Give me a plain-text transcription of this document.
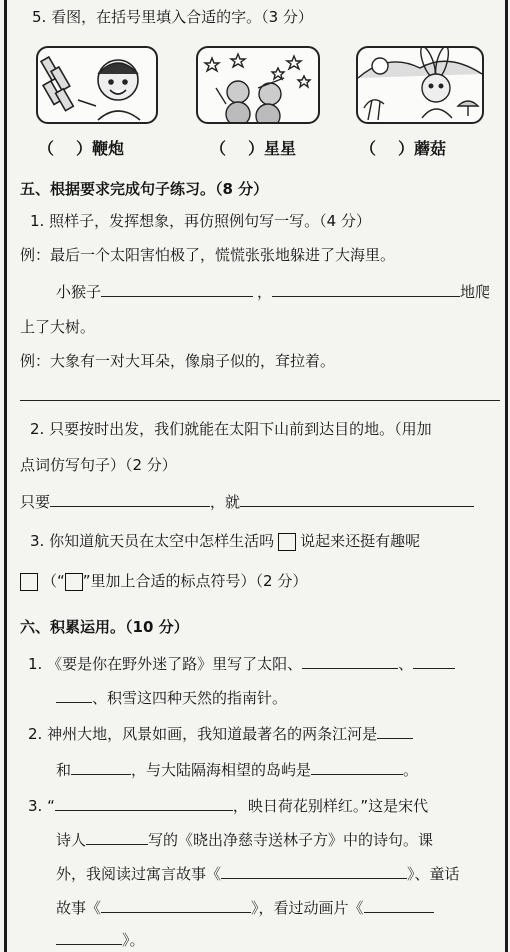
5. 看图，在括号里填入合适的字。（3 分）
（ ）鞭炮	（ ）星星	（ ）蘑菇
五、根据要求完成句子练习。（8 分）
1. 照样子，发挥想象，再仿照例句写一写。（4 分）
例：最后一个太阳害怕极了，慌慌张张地躲进了大海里。
小猴子	，	地爬
上了大树。
例：大象有一对大耳朵，像扇子似的，耷拉着。
2. 只要按时出发，我们就能在太阳下山前到达目的地。（用加
点词仿写句子）（2 分）
只要	，就
3. 你知道航天员在太空中怎样生活吗 说起来还挺有趣呢
（“ ”里加上合适的标点符号）（2 分）
六、积累运用。（10 分）
1. 《要是你在野外迷了路》里写了太阳、	、
、积雪这四种天然的指南针。
2. 神州大地，风景如画，我知道最著名的两条江河是
和	，与大陆隔海相望的岛屿是	。
3. “	，映日荷花别样红。”这是宋代
诗人	写的《晓出净慈寺送林子方》中的诗句。课
外，我阅读过寓言故事《	》、童话
故事《	》，看过动画片《
》。
